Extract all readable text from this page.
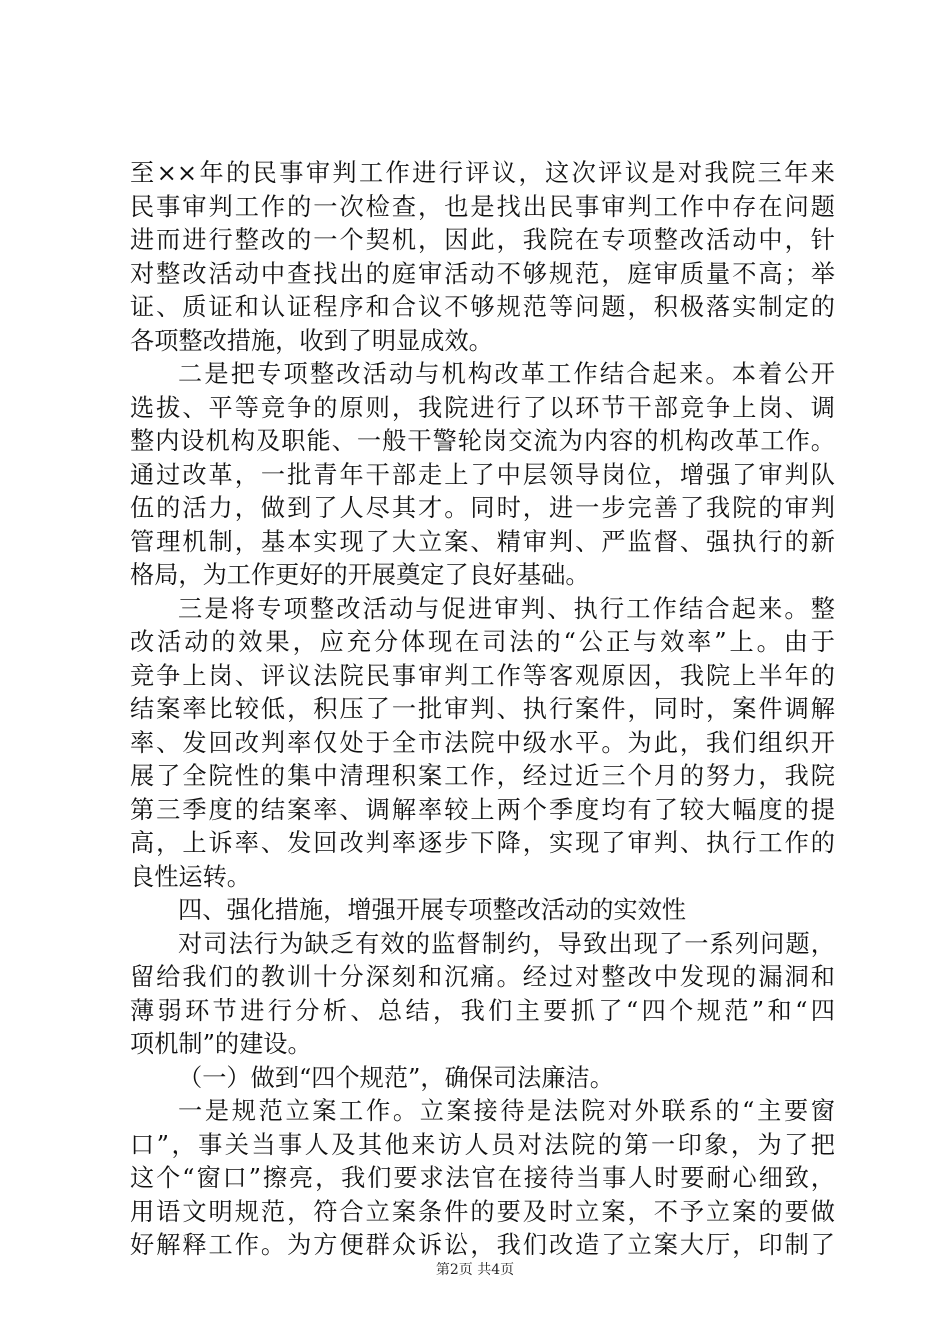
至××年的民事审判工作进行评议，这次评议是对我院三年来

民事审判工作的一次检查，也是找出民事审判工作中存在问题

进而进行整改的一个契机，因此，我院在专项整改活动中，针

对整改活动中查找出的庭审活动不够规范，庭审质量不高；举

证、质证和认证程序和合议不够规范等问题，积极落实制定的

各项整改措施，收到了明显成效。

二是把专项整改活动与机构改革工作结合起来。本着公开

选拔、平等竞争的原则，我院进行了以环节干部竞争上岗、调

整内设机构及职能、一般干警轮岗交流为内容的机构改革工作。

通过改革，一批青年干部走上了中层领导岗位，增强了审判队

伍的活力，做到了人尽其才。同时，进一步完善了我院的审判

管理机制，基本实现了大立案、精审判、严监督、强执行的新

格局，为工作更好的开展奠定了良好基础。

三是将专项整改活动与促进审判、执行工作结合起来。整

改活动的效果，应充分体现在司法的“公正与效率”上。由于

竞争上岗、评议法院民事审判工作等客观原因，我院上半年的

结案率比较低，积压了一批审判、执行案件，同时，案件调解

率、发回改判率仅处于全市法院中级水平。为此，我们组织开

展了全院性的集中清理积案工作，经过近三个月的努力，我院

第三季度的结案率、调解率较上两个季度均有了较大幅度的提

高，上诉率、发回改判率逐步下降，实现了审判、执行工作的

良性运转。

四、强化措施，增强开展专项整改活动的实效性

对司法行为缺乏有效的监督制约，导致出现了一系列问题，

留给我们的教训十分深刻和沉痛。经过对整改中发现的漏洞和

薄弱环节进行分析、总结，我们主要抓了“四个规范”和“四

项机制”的建设。

（一）做到“四个规范”，确保司法廉洁。

一是规范立案工作。立案接待是法院对外联系的“主要窗

口”，事关当事人及其他来访人员对法院的第一印象，为了把

这个“窗口”擦亮，我们要求法官在接待当事人时要耐心细致，

用语文明规范，符合立案条件的要及时立案，不予立案的要做

好解释工作。为方便群众诉讼，我们改造了立案大厅，印制了

第2页 共4页
